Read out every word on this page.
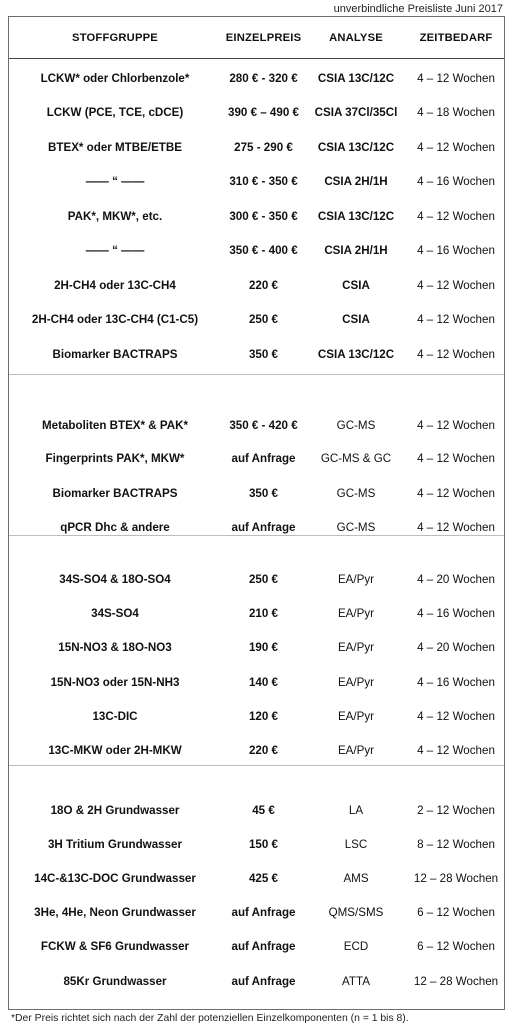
unverbindliche Preisliste Juni 2017
STOFFGRUPPE	EINZELPREIS	ANALYSE	ZEITBEDARF
LCKW* oder Chlorbenzole*	280 € - 320 €	CSIA 13C/12C	4 – 12 Wochen
LCKW (PCE, TCE, cDCE)	390 € – 490 €	CSIA 37Cl/35Cl	4 – 18 Wochen
BTEX* oder MTBE/ETBE	275 - 290 €	CSIA 13C/12C	4 – 12 Wochen
—— “ ——	310 € - 350 €	CSIA 2H/1H	4 – 16 Wochen
PAK*, MKW*, etc.	300 € - 350 €	CSIA 13C/12C	4 – 12 Wochen
—— “ ——	350 € - 400 €	CSIA 2H/1H	4 – 16 Wochen
2H-CH4 oder 13C-CH4	220 €	CSIA	4 – 12 Wochen
2H-CH4 oder 13C-CH4 (C1-C5)	250 €	CSIA	4 – 12 Wochen
Biomarker BACTRAPS	350 €	CSIA 13C/12C	4 – 12 Wochen
Metaboliten BTEX* & PAK*	350 € - 420 €	GC-MS	4 – 12 Wochen
Fingerprints PAK*, MKW*	auf Anfrage	GC-MS & GC	4 – 12 Wochen
Biomarker BACTRAPS	350 €	GC-MS	4 – 12 Wochen
qPCR Dhc & andere	auf Anfrage	GC-MS	4 – 12 Wochen
34S-SO4 & 18O-SO4	250 €	EA/Pyr	4 – 20 Wochen
34S-SO4	210 €	EA/Pyr	4 – 16 Wochen
15N-NO3 & 18O-NO3	190 €	EA/Pyr	4 – 20 Wochen
15N-NO3 oder 15N-NH3	140 €	EA/Pyr	4 – 16 Wochen
13C-DIC	120 €	EA/Pyr	4 – 12 Wochen
13C-MKW oder 2H-MKW	220 €	EA/Pyr	4 – 12 Wochen
18O & 2H Grundwasser	45 €	LA	2 – 12 Wochen
3H Tritium Grundwasser	150 €	LSC	8 – 12 Wochen
14C-&13C-DOC Grundwasser	425 €	AMS	12 – 28 Wochen
3He, 4He, Neon Grundwasser	auf Anfrage	QMS/SMS	6 – 12 Wochen
FCKW & SF6 Grundwasser	auf Anfrage	ECD	6 – 12 Wochen
85Kr Grundwasser	auf Anfrage	ATTA	12 – 28 Wochen
*Der Preis richtet sich nach der Zahl der potenziellen Einzelkomponenten (n = 1 bis 8).
